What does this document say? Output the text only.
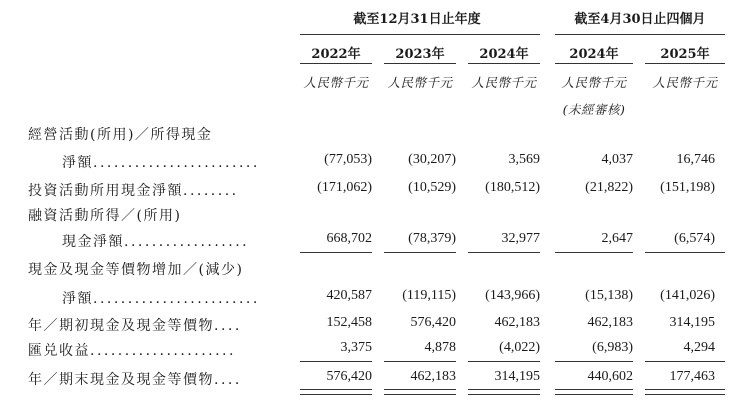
截至12月31日止年度	截至4月30日止四個月
2022年	2023年	2024年	2024年	2025年
人民幣千元	人民幣千元	人民幣千元	人民幣千元	人民幣千元
(未經審核)
經營活動(所用)／所得現金
淨額........................	(77,053)	(30,207)	3,569	4,037	16,746
投資活動所用現金淨額........	(171,062)	(10,529)	(180,512)	(21,822)	(151,198)
融資活動所得／(所用)
現金淨額..................	668,702	(78,379)	32,977	2,647	(6,574)
現金及現金等價物增加／(減少)
淨額........................	420,587	(119,115)	(143,966)	(15,138)	(141,026)
年／期初現金及現金等價物....	152,458	576,420	462,183	462,183	314,195
匯兑收益.....................	3,375	4,878	(4,022)	(6,983)	4,294
年／期末現金及現金等價物....	576,420	462,183	314,195	440,602	177,463
